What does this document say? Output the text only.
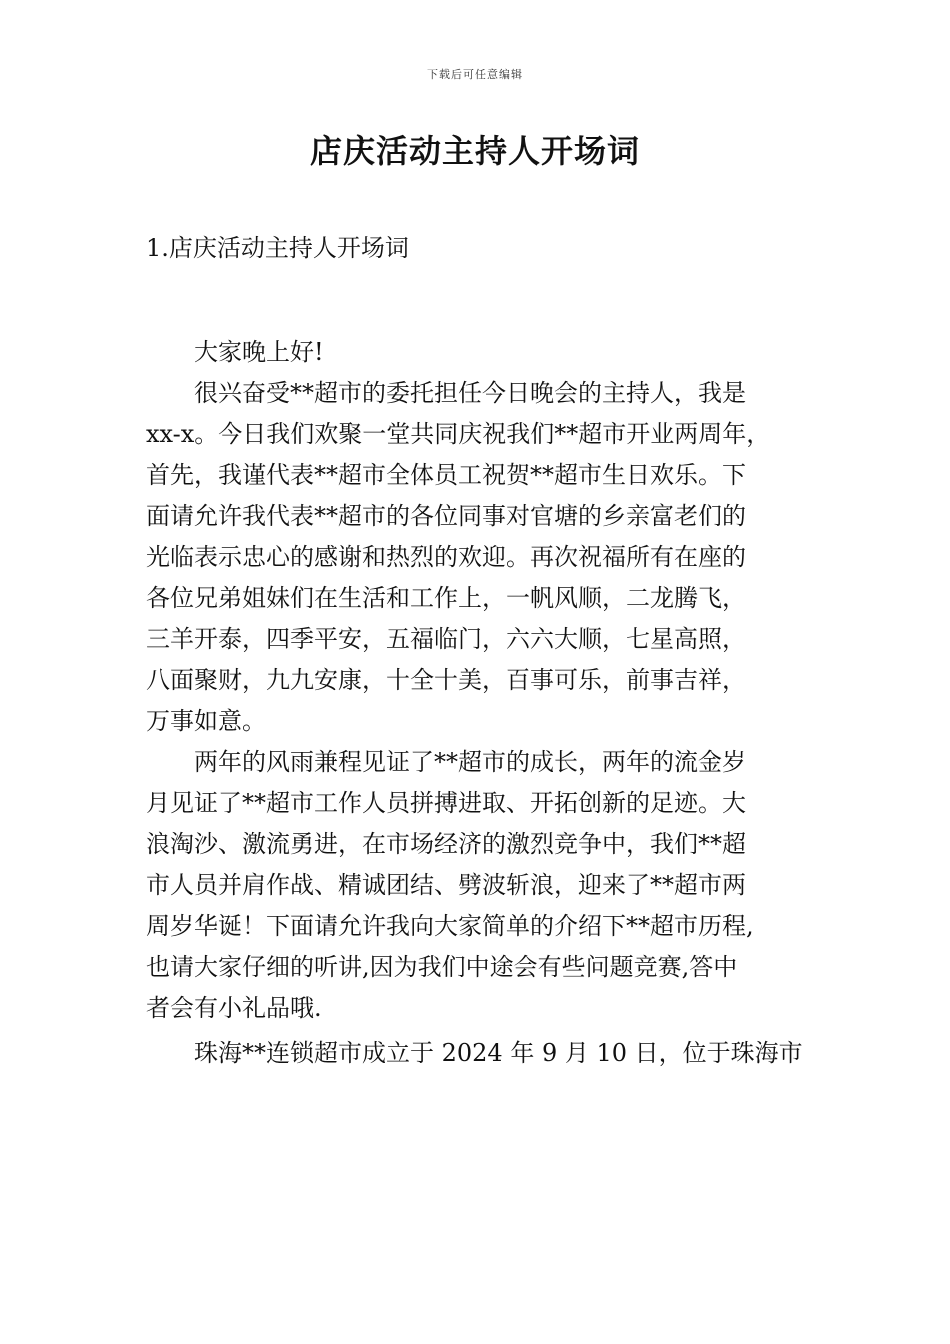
下载后可任意编辑
店庆活动主持人开场词
1.店庆活动主持人开场词
大家晚上好!
很兴奋受**超市的委托担任今日晚会的主持人，我是
xx-x。今日我们欢聚一堂共同庆祝我们**超市开业两周年，
首先，我谨代表**超市全体员工祝贺**超市生日欢乐。下
面请允许我代表**超市的各位同事对官塘的乡亲富老们的
光临表示忠心的感谢和热烈的欢迎。再次祝福所有在座的
各位兄弟姐妹们在生活和工作上，一帆风顺，二龙腾飞，
三羊开泰，四季平安，五福临门，六六大顺，七星高照，
八面聚财，九九安康，十全十美，百事可乐，前事吉祥，
万事如意。
两年的风雨兼程见证了**超市的成长，两年的流金岁
月见证了**超市工作人员拼搏进取、开拓创新的足迹。大
浪淘沙、激流勇进，在市场经济的激烈竞争中，我们**超
市人员并肩作战、精诚团结、劈波斩浪，迎来了**超市两
周岁华诞！下面请允许我向大家简单的介绍下**超市历程,
也请大家仔细的听讲,因为我们中途会有些问题竞赛,答中
者会有小礼品哦.
珠海**连锁超市成立于 2024 年 9 月 10 日，位于珠海市
